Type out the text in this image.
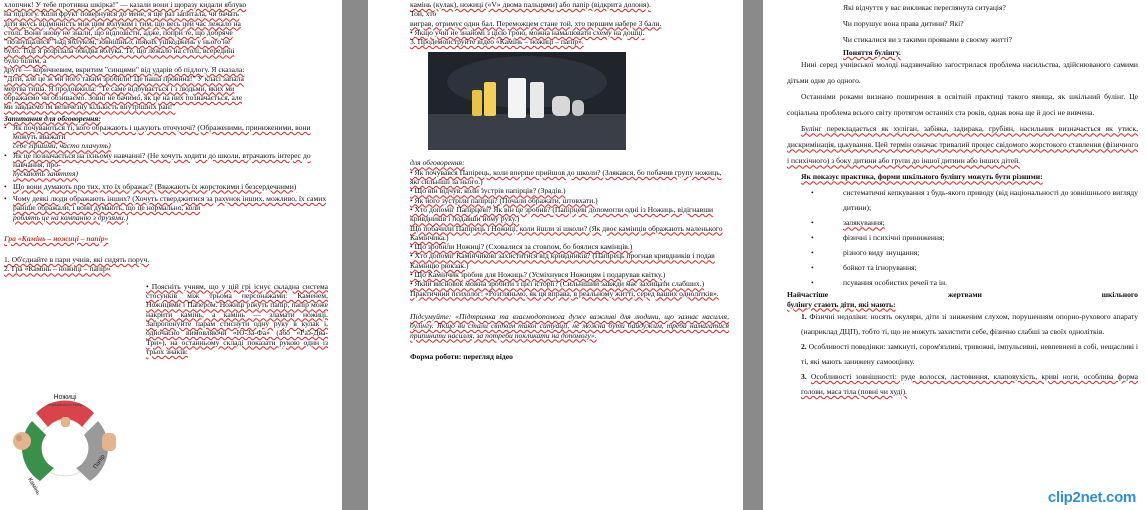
хлопчик! У тебе противна шкірка!" — казали вони і щоразу кидали яблуко

на підлогу. Коли фрукт повернувся до мене, я ще раз запитала, чи бачать

діти якусь відмінність між цим яблуком і тим, що весь цей час лежало на

столі. Вони знову не знали, що відповісти, адже, попри те, що добряче

"познущалися" над яблуком, зовнішньо, ніяких ушкоджень у нього не

було. Тоді я розрізала обидва яблука. Те, що лежало на столі, всередині

було білим, а

друге — коричневим, вкритим "синцями" від ударів об підлогу. Я сказала:

"Діти, але це ж ми його таким зробили! Це наша провина!" У класі запала

мертва тиша. Я продовжила: "Те саме відбувається і з людьми, яких ми

ображаємо чи обзиваємо. Зовні не бачимо, як це на них позначається, але

ми завдаємо їм величезну кількість внутрішніх ран!"

Запитання для обговорення:

• Як почуваються ті, кого ображають і цькують оточуючі? (Ображеними, приниженими, вони можуть вважати

себе гіршими, часто плачуть)

• Як це позначається на їхньому навчанні? (Не хочуть ходити до школи, втрачають інтерес до навчання, про-

пускають заняття)

• Що вони думають про тих, хто їх ображає? (Вважають їх жорстокими і безсердечними)

• Чому деякі люди ображають інших? (Хочуть стверджитися за рахунок інших, можливо, їх самих раніше ображали, і вони думають, що це нормально, коли

роблять це на компанію з друзями.)

Гра «Камінь – ножиці – папір»

1. Об'єднайте в пари учнів, які сидять поруч.

2. Гра «Камінь – ножиці – папір»

• Поясніть учням, що у цій грі існує складна система стосунків між трьома персонажами: Каменем, Ножицями і Папером. Ножиці ріжуть папір, папір може накрити камінь, а камінь — зламати ножиці. Запропонуйте парам стиснути одну руку в кулак і, одночасно вимовляючи «Ю-За-Фа» (або «Раз-Два-Три»), на останньому складі показати рукою один із трьох знаків:

Ножиці
перемагають папір
Камінь
Папір

камінь (кулак), ножиці («V» двома пальцями) або папір (відкрита долоня).

Той, хто

виграв, отримує один бал. Переможцем стане той, хто першим набере 3 бали.

• Якщо учні не знайомі з цією грою, можна намалювати схему на дошці.

3. Продемонструйте відео «Камінь – ножиці – папір».

для обговорення:

• Як почувався Папірець, коли вперше прийшов до школи? (Злякався, бо побачив групу ножиць, які сильніші за нього.)

• Що він відчув, коли зустрів папірців? (Зрадів.)

• Як його зустріли папірці? (Почали ображати, штовхати.)

• Хто допоміг Папірцеві? Як він це зробив? (Папірцеві допомогли одні із Ножиць, відігнавши кривдників і подавши йому руку.)

Що побачили Папірець і Ножиці, коли йшли зі школи? (Як двоє камінців ображають маленького Камінчика.)

• Що зробили Ножиці? (Сховалися за стовпом, бо боялися камінців.)

• Хто допоміг Камінчикові захиститися від кривдників? (Папірець прогнав кривдників і подав Камінцю рюкзак.)

• Що Камінчик зробив для Ножиць? (Усміхнувся Ножицям і подарував квітку.)

• Який висновок можна зробити з цієї історії? (Сильніший завжди має захищати слабших.)

Практичний психолог: «Розгляньмо, як ця вправа, в реальному житті, серед ваших однолітків».

Підсумуйте: «Підтримка та взаємодопомога дуже важливі для людини, що зазнає насилля, булінгу. Якщо ви стали свідком такої ситуації, не можна бути байдужим, треба намагатися припинити насилля, за потреби покликати на допомогу».

Форма роботи: перегляд відео

Які відчуття у вас викликає переглянута ситуація?

Чи порушує вона права дитини? Які?

Чи стикалися ви з такими проявами в своєму житті?

Поняття булінгу.

Нині серед учнівської молоді надзвичайно загострилася проблема насильства, здійснюваного самими дітьми одне до одного.

Останніми роками визнано поширення в освітній практиці такого явища, як шкільний булінг. Це соціальна проблема всього світу протягом останніх ста років, однак вона ще й досі не вивчена.

Булінг перекладається як хуліган, забіяка, задирака, грубіян, насильник визначається як утиск, дискримінація, цькування. Цей термін означає тривалий процес свідомого жорстокого ставлення (фізичного і психічного) з боку дитини або групи до іншої дитини або інших дітей.

Як показує практика, форми шкільного булінгу можуть бути різними:

• систематичні кепкування з будь-якого приводу (від національності до зовнішнього вигляду дитини);

• залякування;

• фізичні і психічні приниження;

• різного виду знущання;

• бойкот та ігнорування;

• псування особистих речей та ін.

Найчастіше	жертвами	шкільного

булінгу стають діти, які мають:

1. Фізичні недоліки: носять окуляри, діти зі зниженим слухом, порушенням опорно-рухового апарату (наприклад ДЦП), тобто ті, що не можуть захистити себе, фізично слабші за своїх однолітків.

2. Особливості поведінки: замкнуті, сором'язливі, тривожні, імпульсивні, невпевнені в собі, нещасливі і ті, які мають занижену самооцінку.

3. Особливості зовнішності: руде волосся, ластовиння, клаповухість, криві ноги, особлива форма голови, маса тіла (повні чи худі).

clip2net.com
